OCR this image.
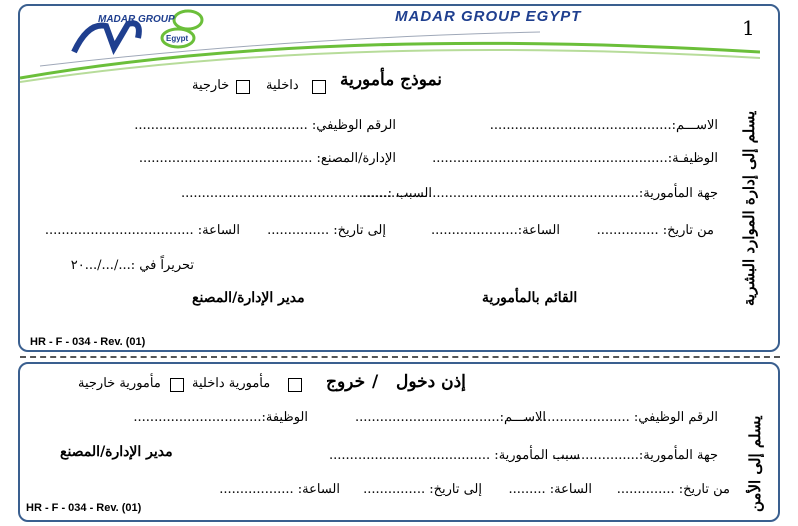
MADAR GROUP
Egypt
MADAR GROUP EGYPT	1
نموذج مأمورية
داخلية
خارجية
الاســـم:............................................
الرقم الوظيفي: ..........................................
الوظيفـة:.........................................................
الإدارة/المصنع: ..........................................
جهة المأمورية:...................................................................
السبب :..................................................
من تاريخ: ...............
الساعة:.....................
إلى تاريخ: ...............
الساعة: ....................................
تحريراً في :.../.../...٢٠
القائم بالمأمورية
مدير الإدارة/المصنع
HR - F - 034 - Rev. (01)
يسلم إلى إدارة الموارد البشرية
إذن دخول
/
خروج
مأمورية داخلية
مأمورية خارجية
الرقم الوظيفي: ..........................
الاســـم:...................................
الوظيفة:...............................
جهة المأمورية:.....................
سبب المأمورية: .......................................
مدير الإدارة/المصنع
من تاريخ: ..............
الساعة: .........
إلى تاريخ: ...............
الساعة: ..................
HR - F - 034 - Rev. (01)	يسلم إلى الأمن
